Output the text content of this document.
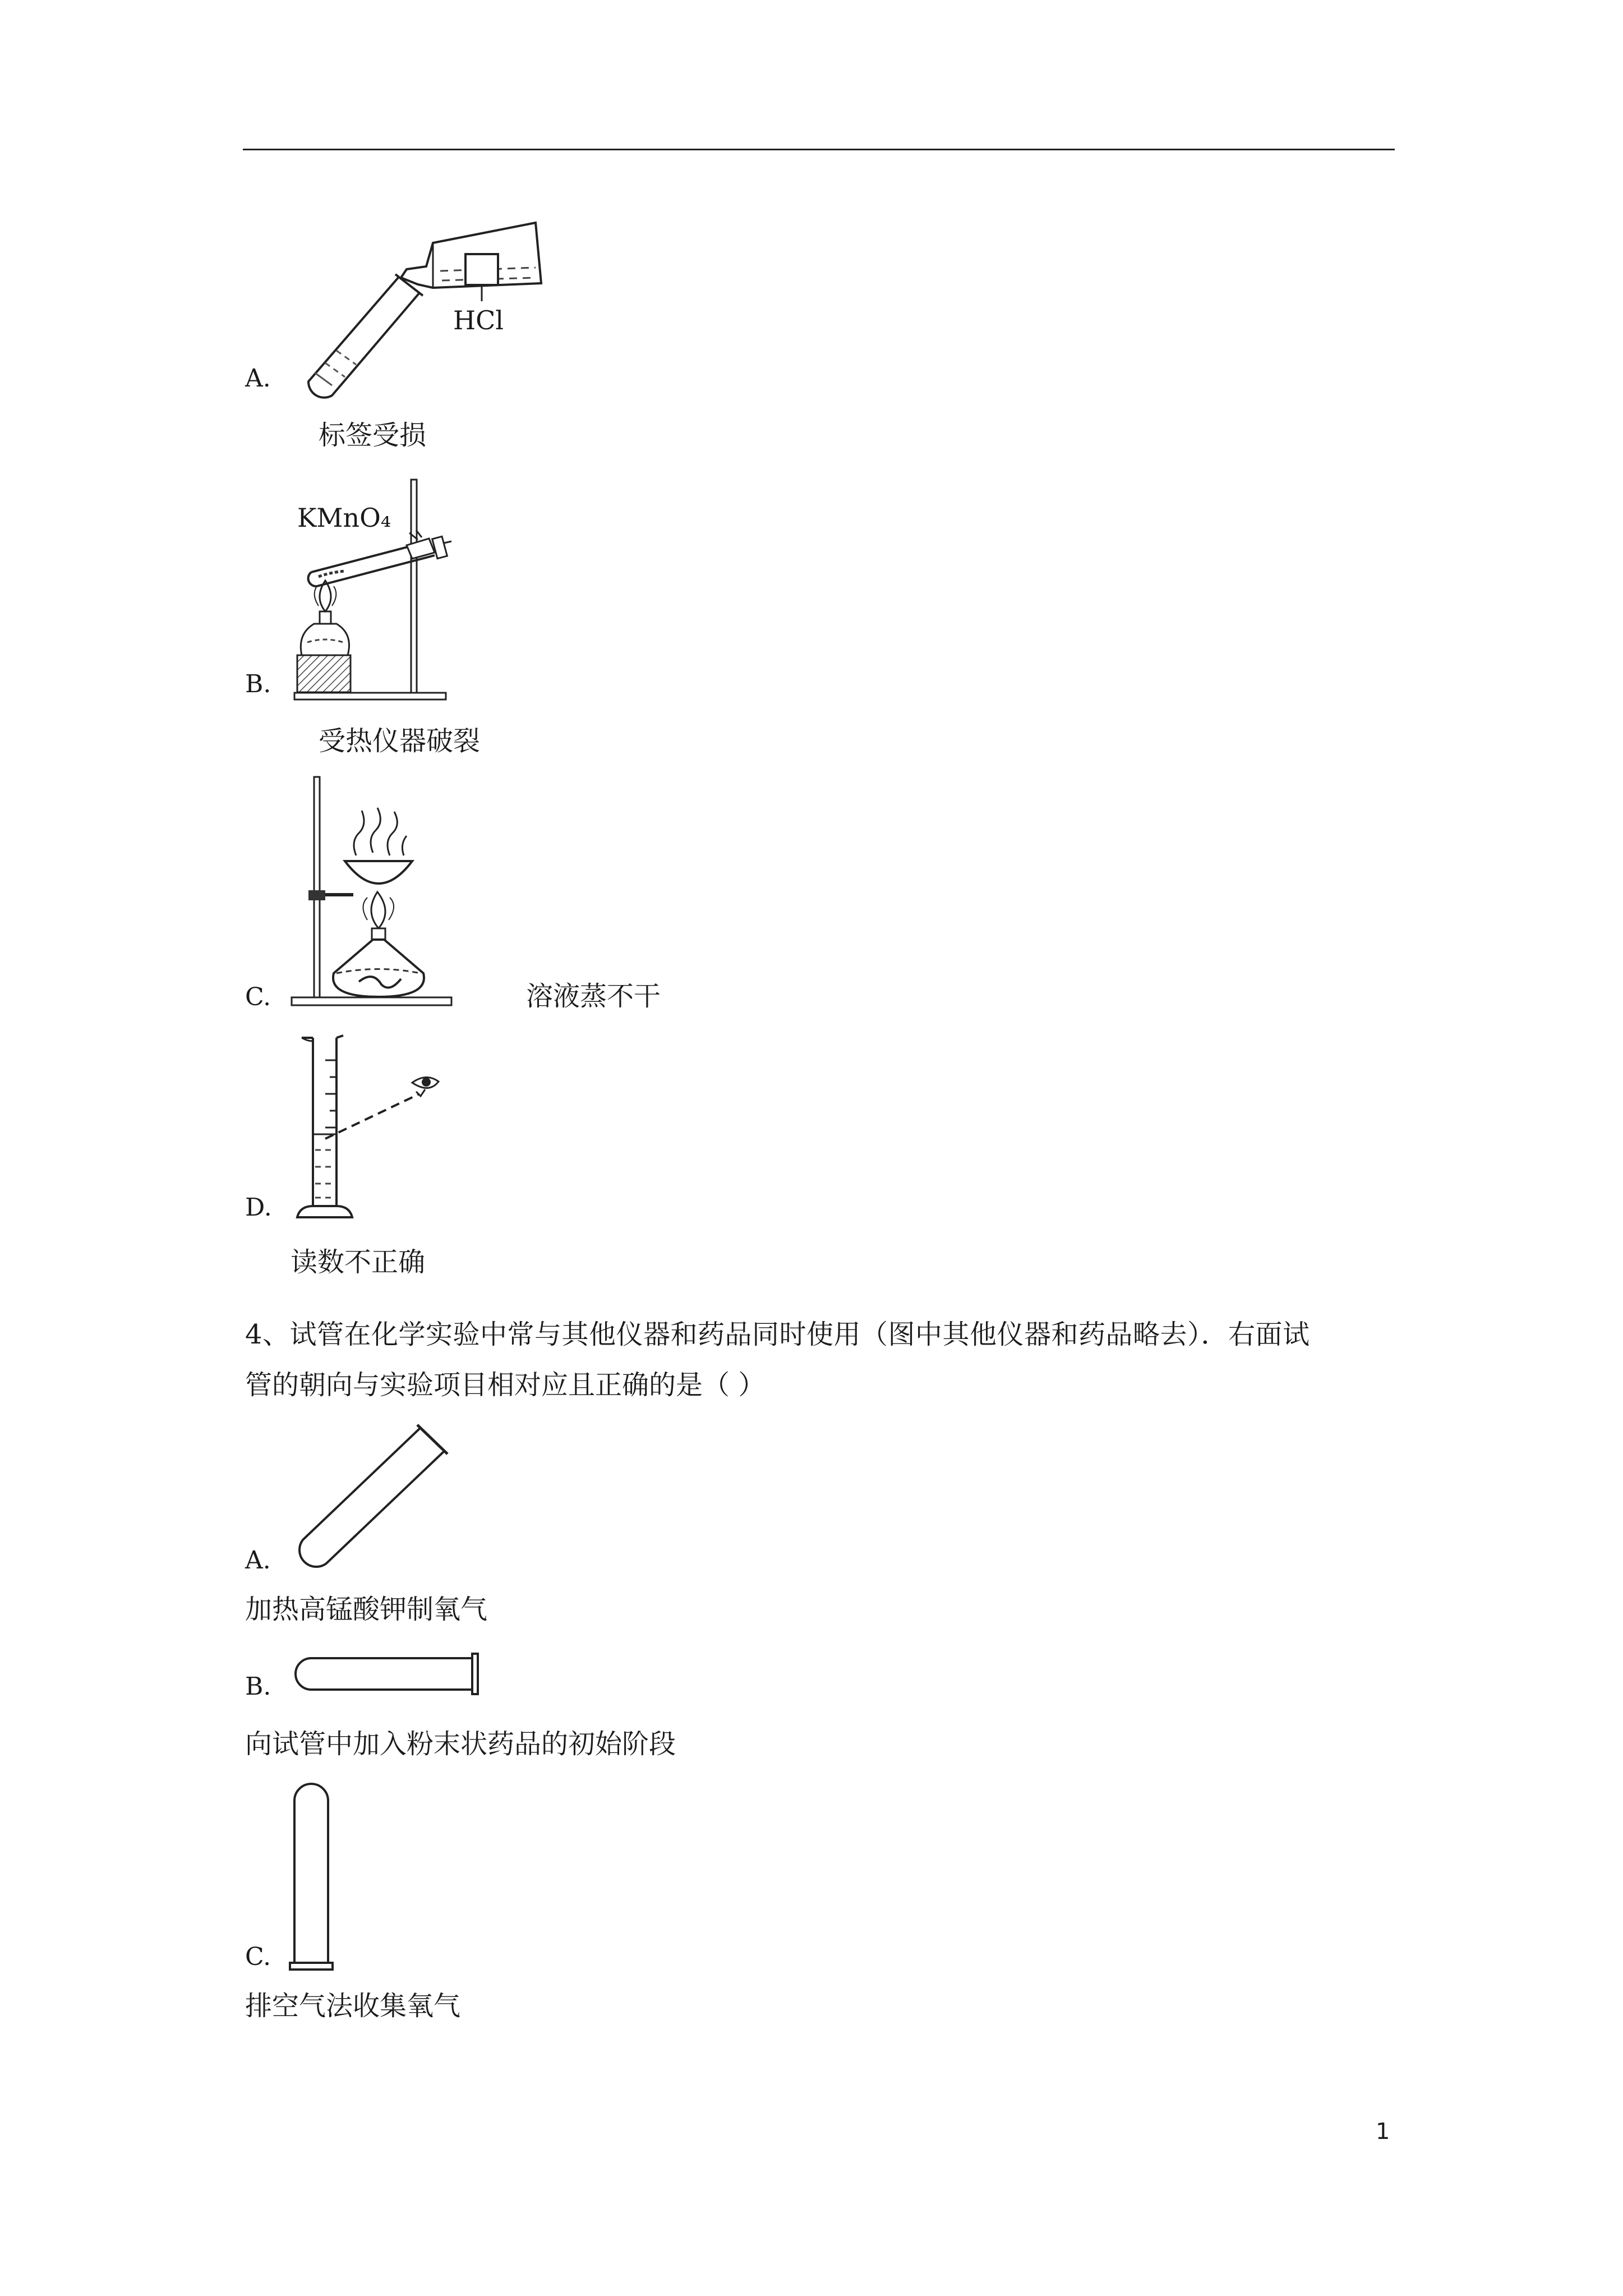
HCl
A.
标签受损
KMnO₄
B.
受热仪器破裂
C.	溶液蒸不干
D.
读数不正确
4、试管在化学实验中常与其他仪器和药品同时使用（图中其他仪器和药品略去）．右面试
管的朝向与实验项目相对应且正确的是（ ）
A.
加热高锰酸钾制氧气
B.
向试管中加入粉末状药品的初始阶段
C.
排空气法收集氧气
1
